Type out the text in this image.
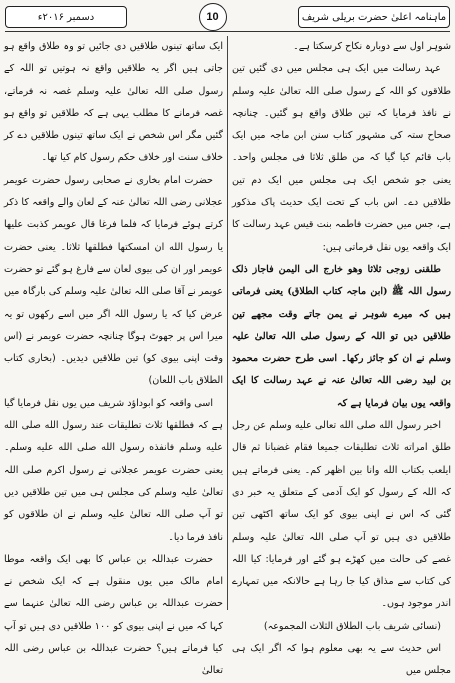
ماہنامہ اعلیٰ حضرت بریلی شریف
10
دسمبر ۲۰۱۶ء

شوہر اول سے دوبارہ نکاح کرسکتا ہے۔

عہد رسالت میں ایک ہی مجلس میں دی گئیں تین طلاقوں کو اللہ کے رسول صلی اللہ تعالیٰ علیہ وسلم نے نافذ فرمایا کہ تین طلاق واقع ہو گئیں۔ چنانچہ صحاح ستہ کی مشہور کتاب سنن ابن ماجہ میں ایک باب قائم کیا گیا کہ من طلق ثلاثا فی مجلس واحد۔ یعنی جو شخص ایک ہی مجلس میں ایک دم تین طلاقیں دے۔ اس باب کے تحت ایک حدیث پاک مذکور ہے، جس میں حضرت فاطمہ بنت قیس عہد رسالت کا ایک واقعہ یوں نقل فرماتی ہیں:

طلقنی زوجی ثلاثا وھو خارج الی الیمن فاجاز ذلک رسول اللہ ﷺ (ابن ماجہ کتاب الطلاق) یعنی فرماتی ہیں کہ میرے شوہر نے یمن جاتے وقت مجھے تین طلاقیں دیں تو اللہ کے رسول صلی اللہ تعالیٰ علیہ وسلم نے ان کو جائز رکھا۔ اسی طرح حضرت محمود بن لبید رضی اللہ تعالیٰ عنہ نے عہد رسالت کا ایک واقعہ یوں بیان فرمایا ہے کہ

اخبر رسول الله صلى الله تعالى عليه وسلم عن رجل طلق امراته ثلاث تطليقات جميعا فقام غضبانا ثم قال ايلعب بكتاب الله وانا بين اظهر كم۔ یعنی فرماتے ہیں کہ اللہ کے رسول کو ایک آدمی کے متعلق یہ خبر دی گئی کہ اس نے اپنی بیوی کو ایک ساتھ اکٹھی تین طلاقیں دی ہیں تو آپ صلی اللہ تعالیٰ علیہ وسلم غصے کی حالت میں کھڑے ہو گئے اور فرمایا: کیا اللہ کی کتاب سے مذاق کیا جا رہا ہے حالانکہ میں تمہارے اندر موجود ہوں۔

(نسائی شریف باب الطلاق الثلاث المجموعہ)

اس حدیث سے یہ بھی معلوم ہوا کہ اگر ایک ہی مجلس میں

ایک ساتھ تینوں طلاقیں دی جائیں تو وہ طلاق واقع ہو جاتی ہیں اگر یہ طلاقیں واقع نہ ہوتیں تو اللہ کے رسول صلی اللہ تعالیٰ علیہ وسلم غصہ نہ فرماتے، غصہ فرمانے کا مطلب یہی ہے کہ طلاقیں تو واقع ہو گئیں مگر اس شخص نے ایک ساتھ تینوں طلاقیں دے کر خلاف سنت اور خلاف حکم رسول کام کیا تھا۔

حضرت امام بخاری نے صحابی رسول حضرت عویمر عجلانی رضی اللہ تعالیٰ عنہ کے لعان والے واقعہ کا ذکر کرتے ہوئے فرمایا کہ فلما فرغا قال عويمر كذبت عليها يا رسول الله ان امسكتها فطلقها ثلاثا۔ یعنی حضرت عویمر اور ان کی بیوی لعان سے فارغ ہو گئے تو حضرت عویمر نے آقا صلی اللہ تعالیٰ علیہ وسلم کی بارگاہ میں عرض کیا کہ یا رسول اللہ اگر میں اسے رکھوں تو یہ میرا اس پر جھوٹ ہوگا چنانچہ حضرت عویمر نے (اس وقت اپنی بیوی کو) تین طلاقیں دیدیں۔ (بخاری کتاب الطلاق باب اللعان)

اسی واقعہ کو ابوداؤد شریف میں یوں نقل فرمایا گیا ہے کہ فطلقها ثلاث تطليقات عند رسول الله صلى الله عليه وسلم فانفذه رسول الله صلى الله عليه وسلم۔ یعنی حضرت عویمر عجلانی نے رسول اکرم صلی اللہ تعالیٰ علیہ وسلم کی مجلس ہی میں تین طلاقیں دیں تو آپ صلی اللہ تعالیٰ علیہ وسلم نے ان طلاقوں کو نافذ فرما دیا۔

حضرت عبداللہ بن عباس کا بھی ایک واقعہ موطا امام مالک میں یوں منقول ہے کہ ایک شخص نے حضرت عبداللہ بن عباس رضی اللہ تعالیٰ عنہما سے کہا کہ میں نے اپنی بیوی کو ۱۰۰ طلاقیں دی ہیں تو آپ کیا فرماتے ہیں؟ حضرت عبداللہ بن عباس رضی اللہ تعالیٰ
